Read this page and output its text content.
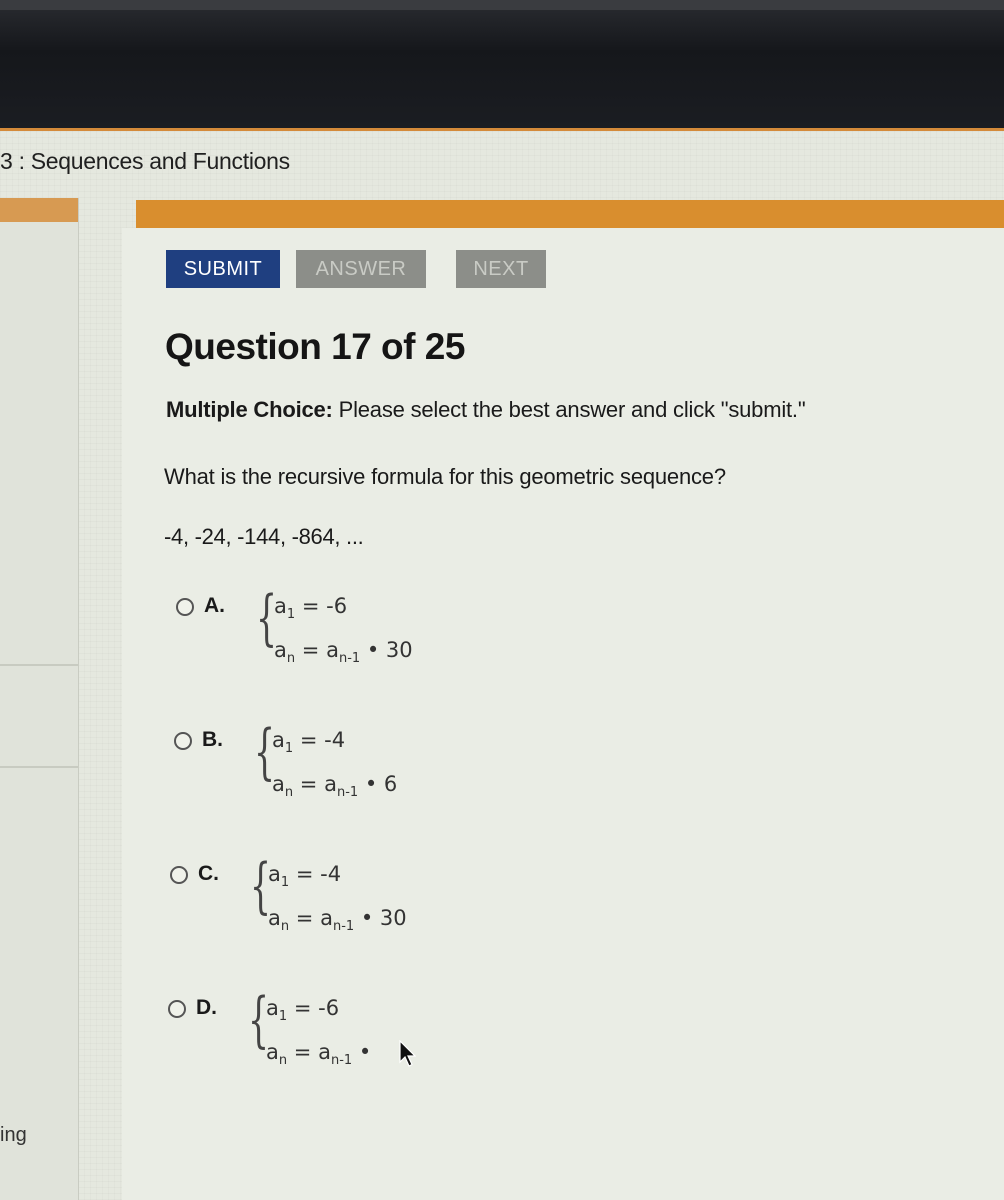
3 : Sequences and Functions
ing
SUBMIT	ANSWER	NEXT
Question 17 of 25
Multiple Choice: Please select the best answer and click "submit."
What is the recursive formula for this geometric sequence?
-4, -24, -144, -864, ...
A. {
$a_1 = -6$
$a_n = a_{n-1}$ • 30
B. {
$a_1 = -4$
$a_n = a_{n-1}$ • 6
C. {
$a_1 = -4$
$a_n = a_{n-1}$ • 30
D. {
$a_1 = -6$
$a_n = a_{n-1}$ •
